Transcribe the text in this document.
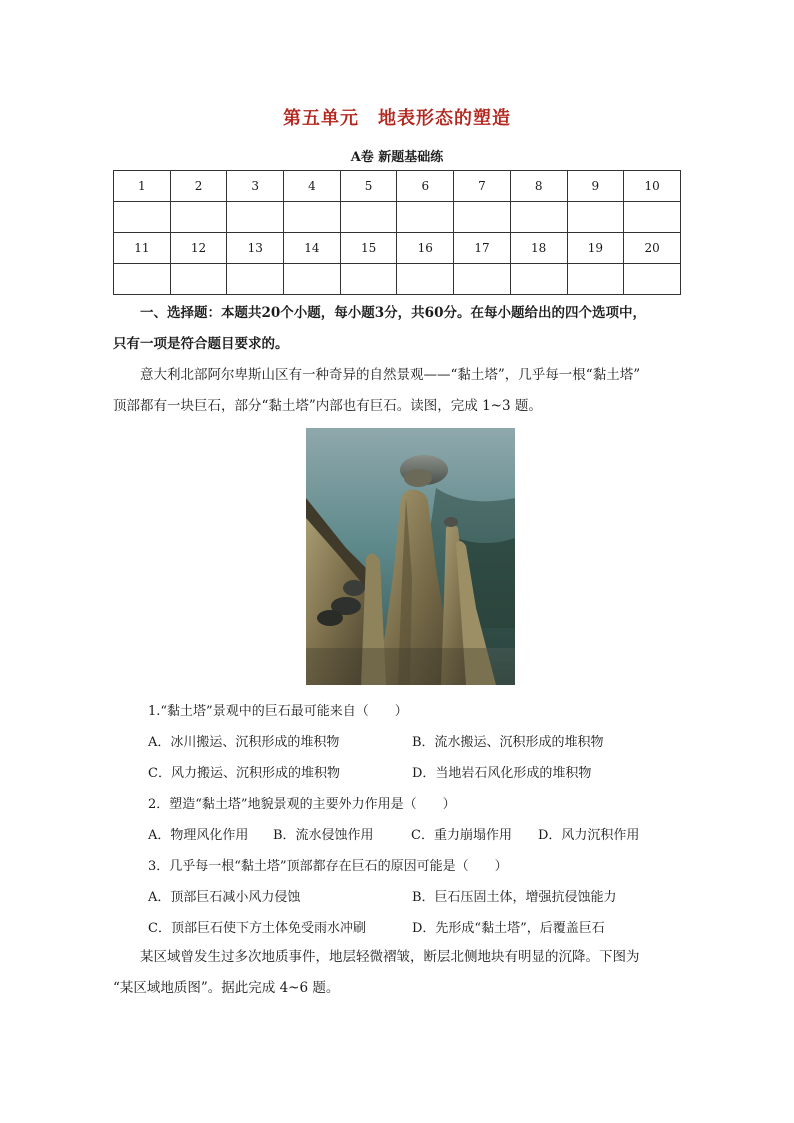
第五单元　地表形态的塑造
A卷 新题基础练
1	2	3	4	5	6	7	8	9	10

11	12	13	14	15	16	17	18	19	20

一、选择题：本题共20个小题，每小题3分，共60分。在每小题给出的四个选项中，
只有一项是符合题目要求的。
意大利北部阿尔卑斯山区有一种奇异的自然景观——“黏土塔”，几乎每一根“黏土塔”
顶部都有一块巨石，部分“黏土塔”内部也有巨石。读图，完成 1~3 题。
1.“黏土塔”景观中的巨石最可能来自（　　）
A．冰川搬运、沉积形成的堆积物	B．流水搬运、沉积形成的堆积物
C．风力搬运、沉积形成的堆积物	D．当地岩石风化形成的堆积物
2．塑造“黏土塔”地貌景观的主要外力作用是（　　）
A．物理风化作用 B．流水侵蚀作用	C．重力崩塌作用 D．风力沉积作用
3．几乎每一根“黏土塔”顶部都存在巨石的原因可能是（　　）
A．顶部巨石减小风力侵蚀	B．巨石压固土体，增强抗侵蚀能力
C．顶部巨石使下方土体免受雨水冲刷	D．先形成“黏土塔”，后覆盖巨石
某区域曾发生过多次地质事件，地层轻微褶皱，断层北侧地块有明显的沉降。下图为
“某区域地质图”。据此完成 4~6 题。
